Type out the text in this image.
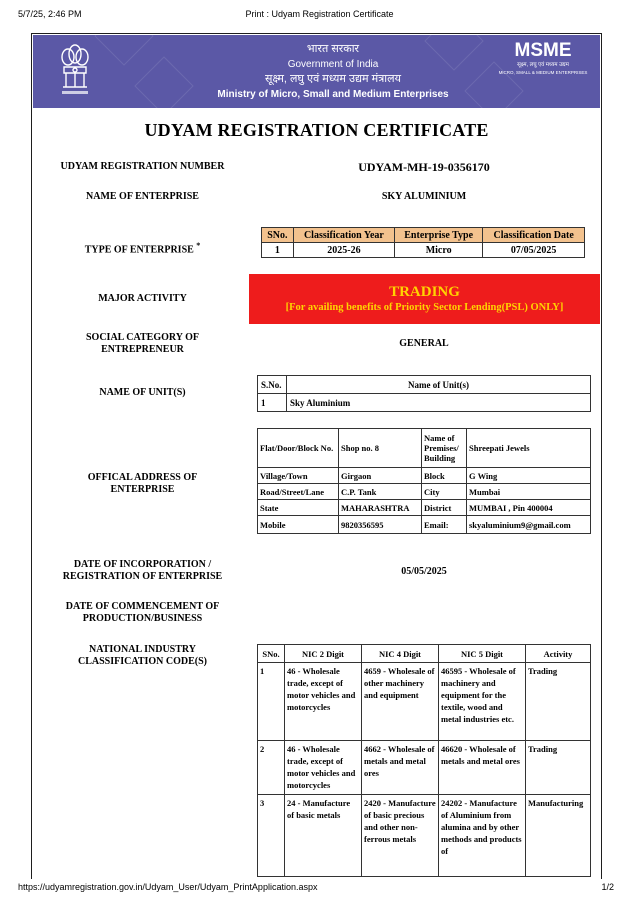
5/7/25, 2:46 PM	Print : Udyam Registration Certificate
भारत सरकार
Government of India
सूक्ष्म, लघु एवं मध्यम उद्यम मंत्रालय
Ministry of Micro, Small and Medium Enterprises
MSME
सूक्ष्म, लघु एवं मध्यम उद्यम
MICRO, SMALL & MEDIUM ENTERPRISES
UDYAM REGISTRATION CERTIFICATE
UDYAM REGISTRATION NUMBER	UDYAM-MH-19-0356170
NAME OF ENTERPRISE	SKY ALUMINIUM
TYPE OF ENTERPRISE *
SNo.	Classification Year	Enterprise Type	Classification Date
1	2025-26	Micro	07/05/2025
MAJOR ACTIVITY	TRADING
[For availing benefits of Priority Sector Lending(PSL) ONLY]
SOCIAL CATEGORY OF ENTREPRENEUR
GENERAL
NAME OF UNIT(S)
S.No.	Name of Unit(s)
1	Sky Aluminium
OFFICAL ADDRESS OF ENTERPRISE
Flat/Door/Block No.	Shop no. 8	Name of Premises/ Building	Shreepati Jewels
Village/Town	Girgaon	Block	G Wing
Road/Street/Lane	C.P. Tank	City	Mumbai
State	MAHARASHTRA	District	MUMBAI , Pin 400004
Mobile	9820356595	Email:	skyaluminium9@gmail.com
DATE OF INCORPORATION / REGISTRATION OF ENTERPRISE	05/05/2025
DATE OF COMMENCEMENT OF PRODUCTION/BUSINESS
NATIONAL INDUSTRY CLASSIFICATION CODE(S)
SNo.	NIC 2 Digit	NIC 4 Digit	NIC 5 Digit	Activity
1	46 - Wholesale trade, except of motor vehicles and motorcycles	4659 - Wholesale of other machinery and equipment	46595 - Wholesale of machinery and equipment for the textile, wood and metal industries etc.	Trading
2	46 - Wholesale trade, except of motor vehicles and motorcycles	4662 - Wholesale of metals and metal ores	46620 - Wholesale of metals and metal ores	Trading
3	24 - Manufacture of basic metals	2420 - Manufacture of basic precious and other non-ferrous metals	24202 - Manufacture of Aluminium from alumina and by other methods and products of	Manufacturing
https://udyamregistration.gov.in/Udyam_User/Udyam_PrintApplication.aspx	1/2
